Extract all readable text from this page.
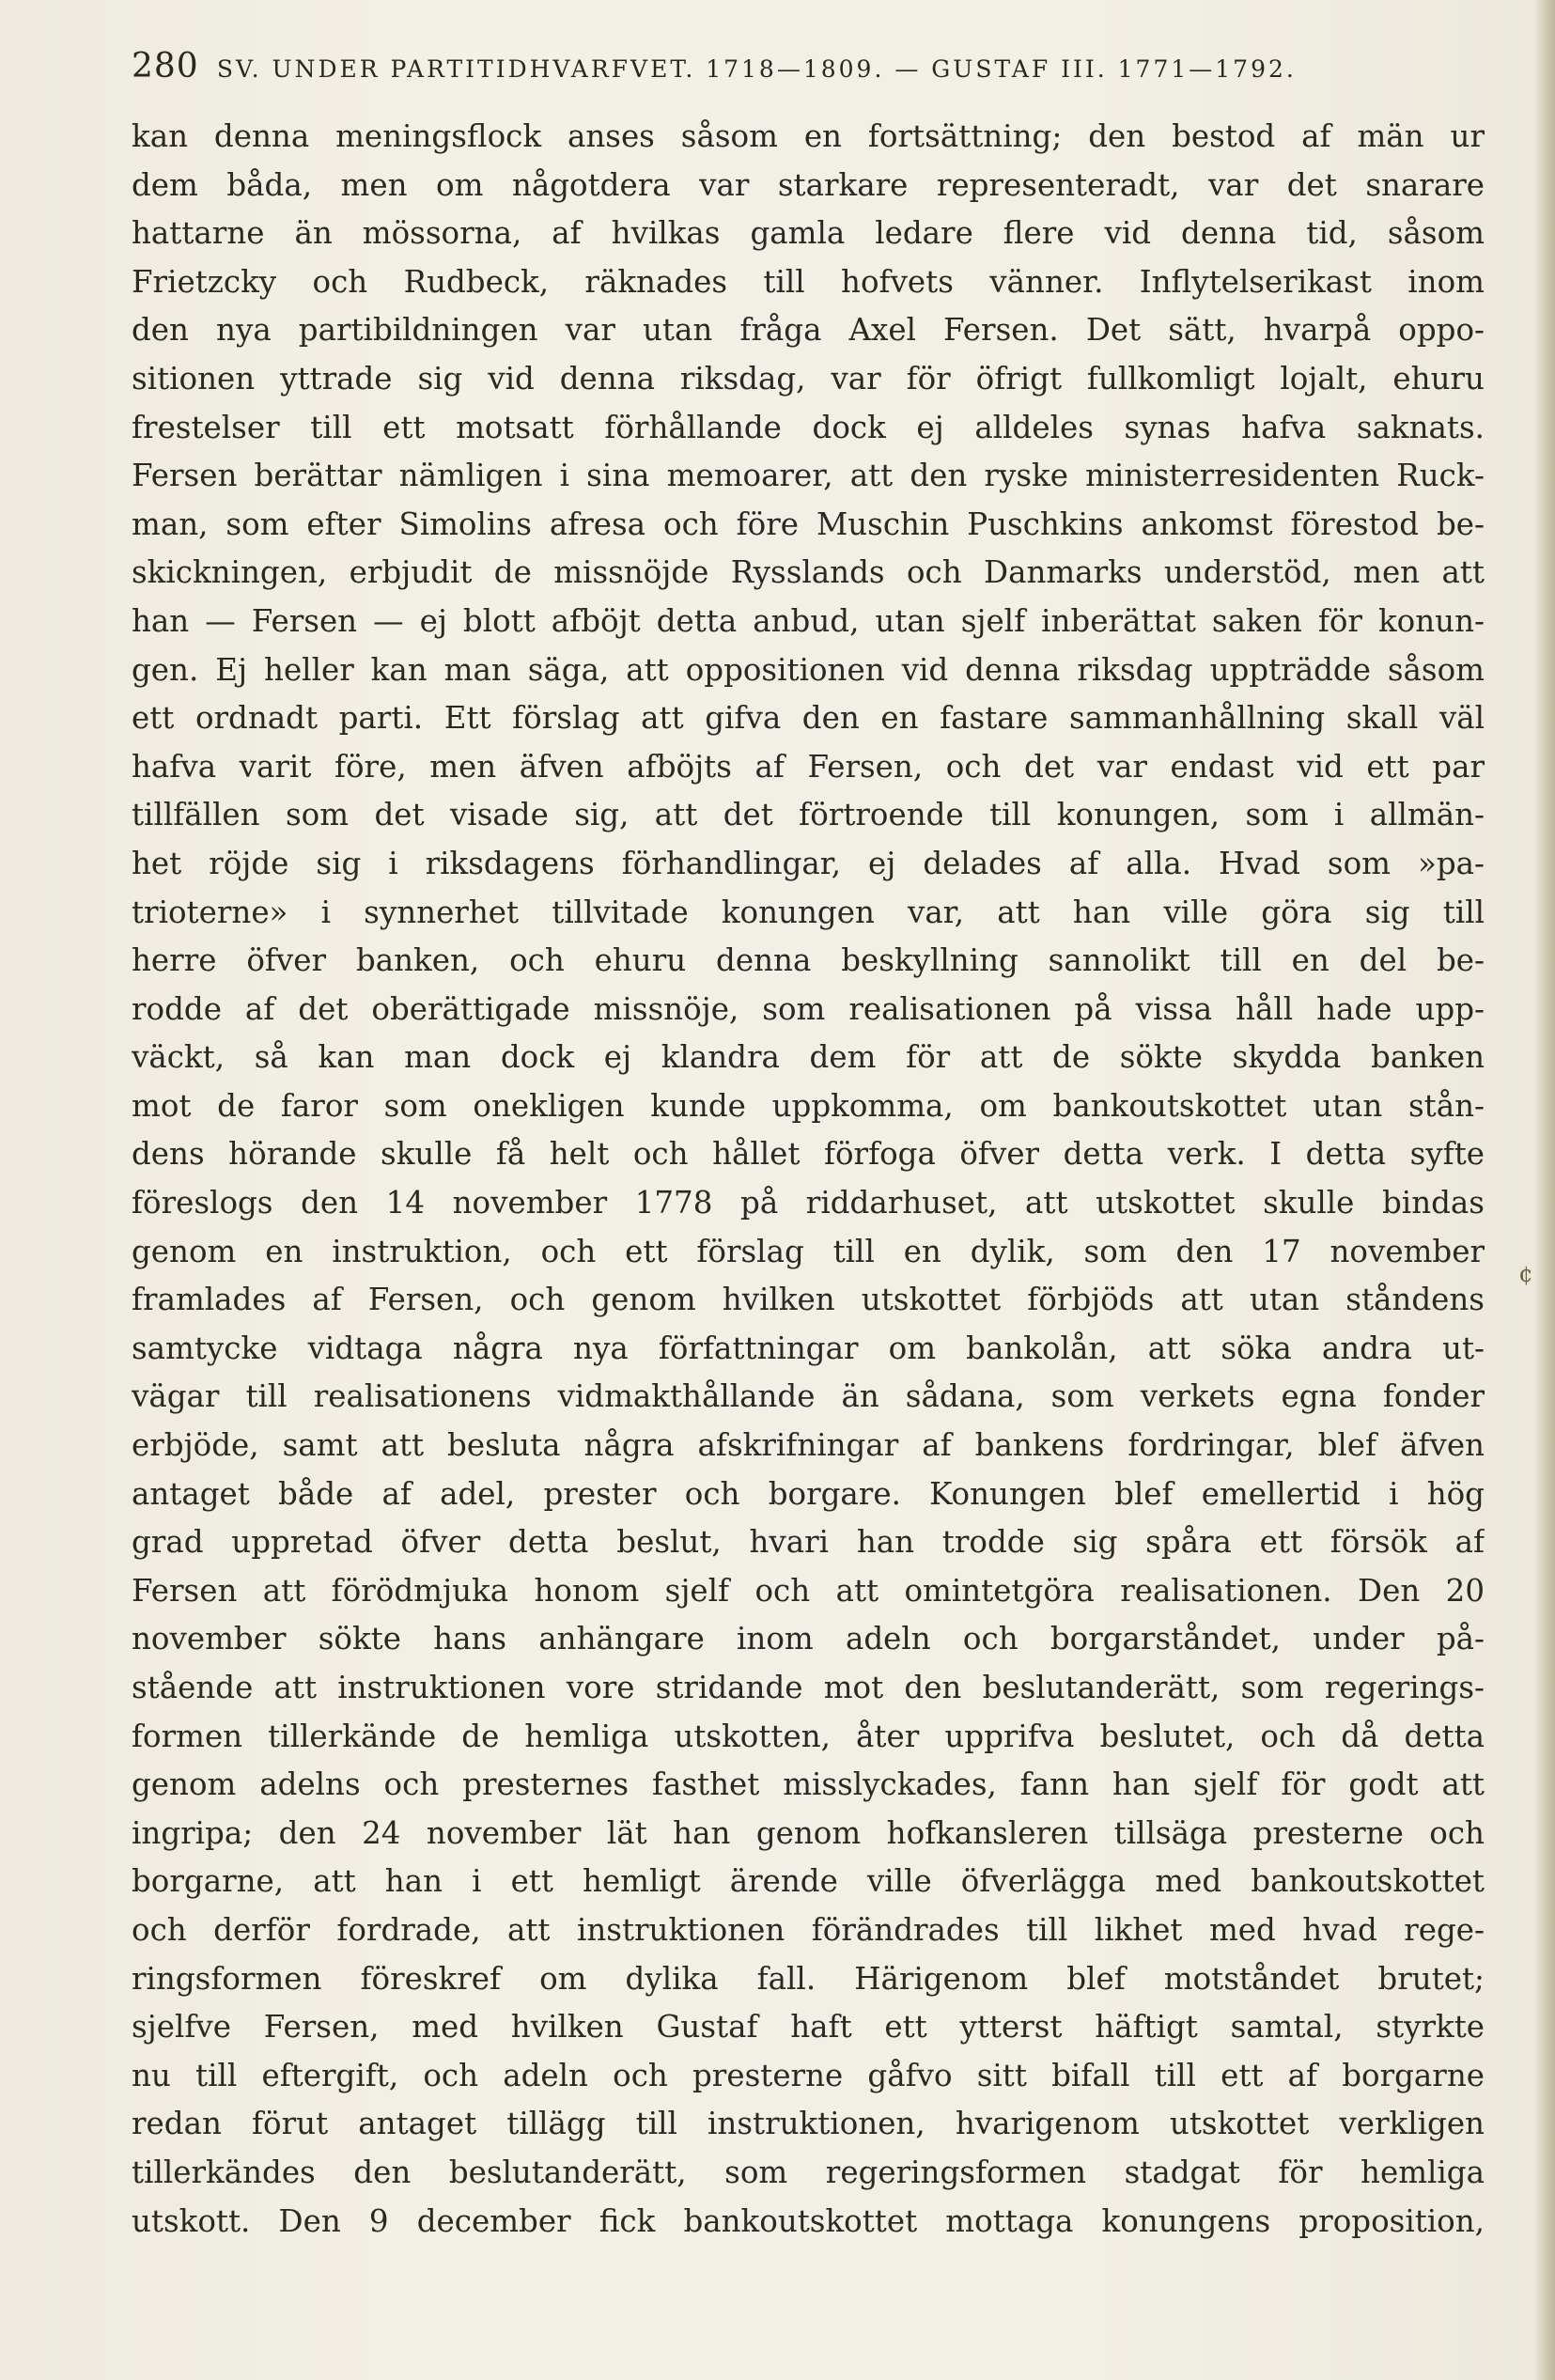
280 SV. UNDER PARTITIDHVARFVET. 1718—1809. — GUSTAF III. 1771—1792.
kan denna meningsflock anses såsom en fortsättning; den bestod af män ur
dem båda, men om någotdera var starkare representeradt, var det snarare
hattarne än mössorna, af hvilkas gamla ledare flere vid denna tid, såsom
Frietzcky och Rudbeck, räknades till hofvets vänner. Inflytelserikast inom
den nya partibildningen var utan fråga Axel Fersen. Det sätt, hvarpå oppo-
sitionen yttrade sig vid denna riksdag, var för öfrigt fullkomligt lojalt, ehuru
frestelser till ett motsatt förhållande dock ej alldeles synas hafva saknats.
Fersen berättar nämligen i sina memoarer, att den ryske ministerresidenten Ruck-
man, som efter Simolins afresa och före Muschin Puschkins ankomst förestod be-
skickningen, erbjudit de missnöjde Rysslands och Danmarks understöd, men att
han — Fersen — ej blott afböjt detta anbud, utan sjelf inberättat saken för konun-
gen. Ej heller kan man säga, att oppositionen vid denna riksdag uppträdde såsom
ett ordnadt parti. Ett förslag att gifva den en fastare sammanhållning skall väl
hafva varit före, men äfven afböjts af Fersen, och det var endast vid ett par
tillfällen som det visade sig, att det förtroende till konungen, som i allmän-
het röjde sig i riksdagens förhandlingar, ej delades af alla. Hvad som »pa-
trioterne» i synnerhet tillvitade konungen var, att han ville göra sig till
herre öfver banken, och ehuru denna beskyllning sannolikt till en del be-
rodde af det oberättigade missnöje, som realisationen på vissa håll hade upp-
väckt, så kan man dock ej klandra dem för att de sökte skydda banken
mot de faror som onekligen kunde uppkomma, om bankoutskottet utan stån-
dens hörande skulle få helt och hållet förfoga öfver detta verk. I detta syfte
föreslogs den 14 november 1778 på riddarhuset, att utskottet skulle bindas
genom en instruktion, och ett förslag till en dylik, som den 17 november
framlades af Fersen, och genom hvilken utskottet förbjöds att utan ståndens
samtycke vidtaga några nya författningar om bankolån, att söka andra ut-
vägar till realisationens vidmakthållande än sådana, som verkets egna fonder
erbjöde, samt att besluta några afskrifningar af bankens fordringar, blef äfven
antaget både af adel, prester och borgare. Konungen blef emellertid i hög
grad uppretad öfver detta beslut, hvari han trodde sig spåra ett försök af
Fersen att förödmjuka honom sjelf och att omintetgöra realisationen. Den 20
november sökte hans anhängare inom adeln och borgarståndet, under på-
stående att instruktionen vore stridande mot den beslutanderätt, som regerings-
formen tillerkände de hemliga utskotten, åter upprifva beslutet, och då detta
genom adelns och presternes fasthet misslyckades, fann han sjelf för godt att
ingripa; den 24 november lät han genom hofkansleren tillsäga presterne och
borgarne, att han i ett hemligt ärende ville öfverlägga med bankoutskottet
och derför fordrade, att instruktionen förändrades till likhet med hvad rege-
ringsformen föreskref om dylika fall. Härigenom blef motståndet brutet;
sjelfve Fersen, med hvilken Gustaf haft ett ytterst häftigt samtal, styrkte
nu till eftergift, och adeln och presterne gåfvo sitt bifall till ett af borgarne
redan förut antaget tillägg till instruktionen, hvarigenom utskottet verkligen
tillerkändes den beslutanderätt, som regeringsformen stadgat för hemliga
utskott. Den 9 december fick bankoutskottet mottaga konungens proposition,
¢
